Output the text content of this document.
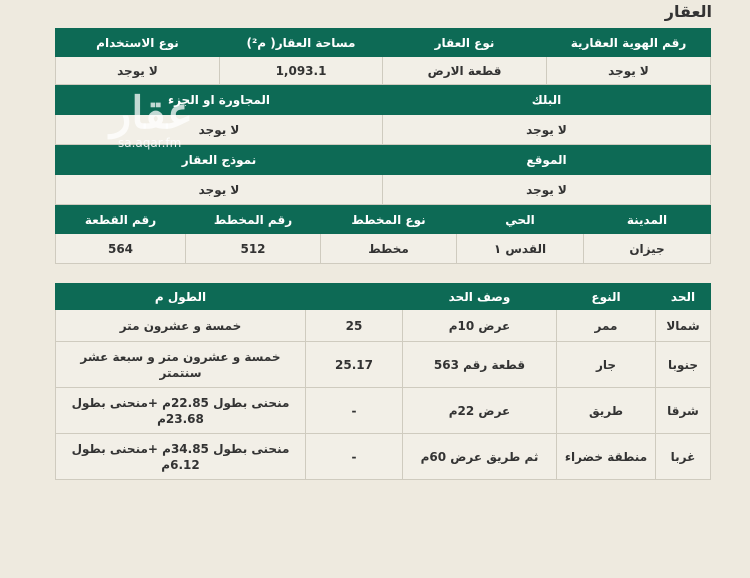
العقار
رقم الهوية العقارية	نوع العقار	مساحة العقار( م²)	نوع الاستخدام
لا يوجد	قطعة الارض	1,093.1	لا يوجد
البلك		المجاورة او الجزء	
لا يوجد		لا يوجد	
الموقع		نموذج العقار	
لا يوجد		لا يوجد	
المدينة	الحي	نوع المخطط	رقم المخطط	رقم القطعة
جيزان	القدس ١	مخطط	512	564
الحد	النوع	وصف الحد		الطول م
شمالا	ممر	عرض 10م	25	خمسة و عشرون متر
جنوبا	جار	قطعة رقم 563	25.17	خمسة و عشرون متر و سبعة عشر سنتمتر
شرقا	طريق	عرض 22م	-	منحنى بطول 22.85م +منحنى بطول 23.68م
غربا	منطقة خضراء	ثم طريق عرض 60م	-	منحنى بطول 34.85م +منحنى بطول 6.12م
عقار
sa.aqar.fm
